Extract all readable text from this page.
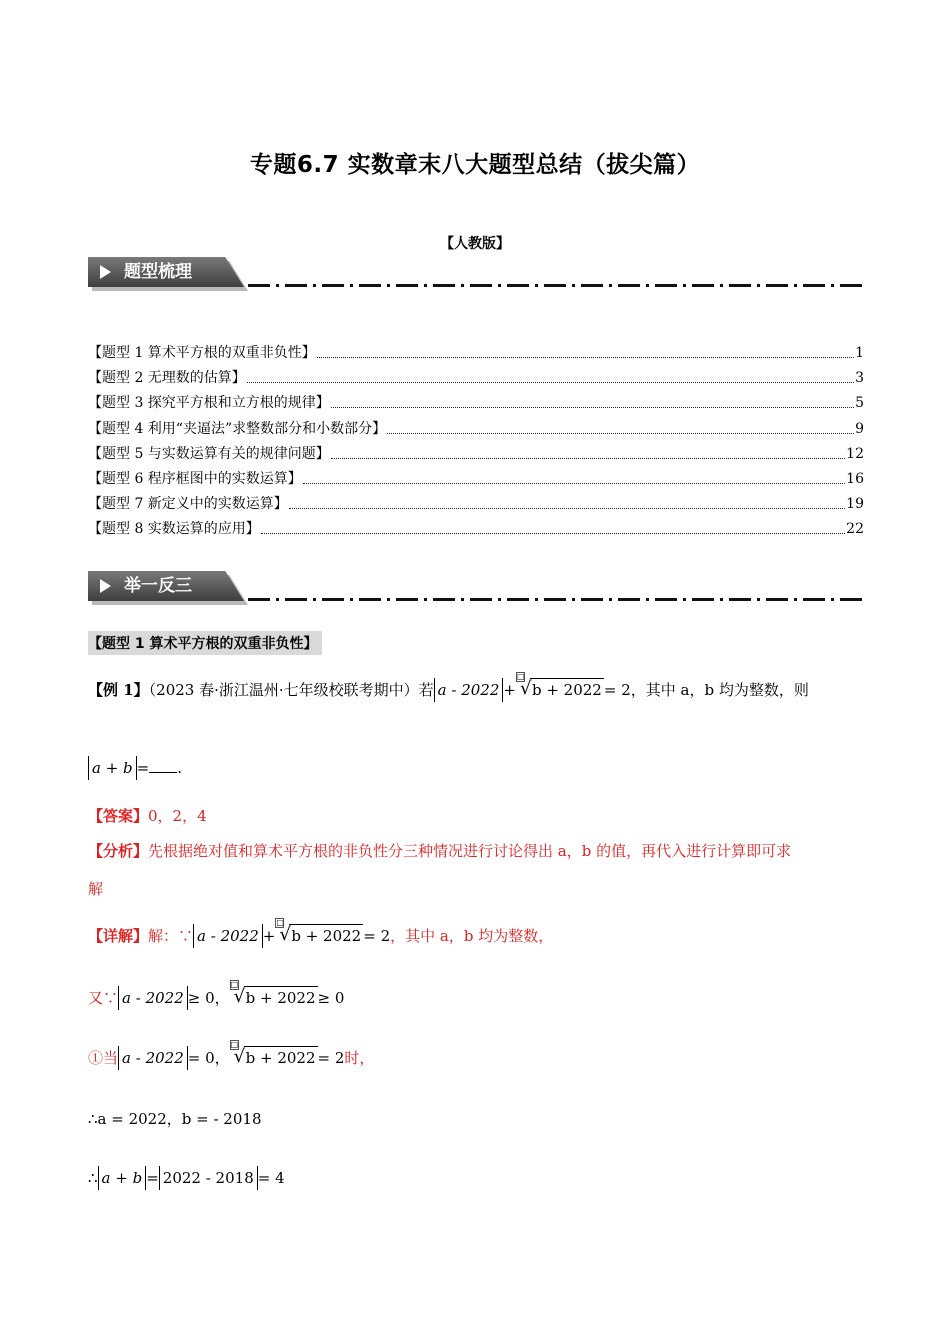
专题6.7 实数章末八大题型总结（拔尖篇）
【人教版】
题型梳理
【题型 1 算术平方根的双重非负性】	1
【题型 2 无理数的估算】	3
【题型 3 探究平方根和立方根的规律】	5
【题型 4 利用“夹逼法”求整数部分和小数部分】	9
【题型 5 与实数运算有关的规律问题】	12
【题型 6 程序框图中的实数运算】	16
【题型 7 新定义中的实数运算】	19
【题型 8 实数运算的应用】	22
举一反三
【题型 1 算术平方根的双重非负性】
【例 1】（2023 春·浙江温州·七年级校联考期中）若 a - 2022 +
□
√ b + 2022 = 2，其中 a，b 均为整数，则
a + b = .
【答案】0，2，4
【分析】先根据绝对值和算术平方根的非负性分三种情况进行讨论得出 a，b 的值，再代入进行计算即可求
解
【详解】解：∵ a - 2022 +
□
√ b + 2022 = 2，其中 a，b 均为整数，
又∵ a - 2022 ≥ 0，
□
√ b + 2022 ≥ 0
①当 a - 2022 = 0，
□
√ b + 2022 = 2时，
∴a = 2022，b = - 2018
∴ a + b = 2022 - 2018 = 4
